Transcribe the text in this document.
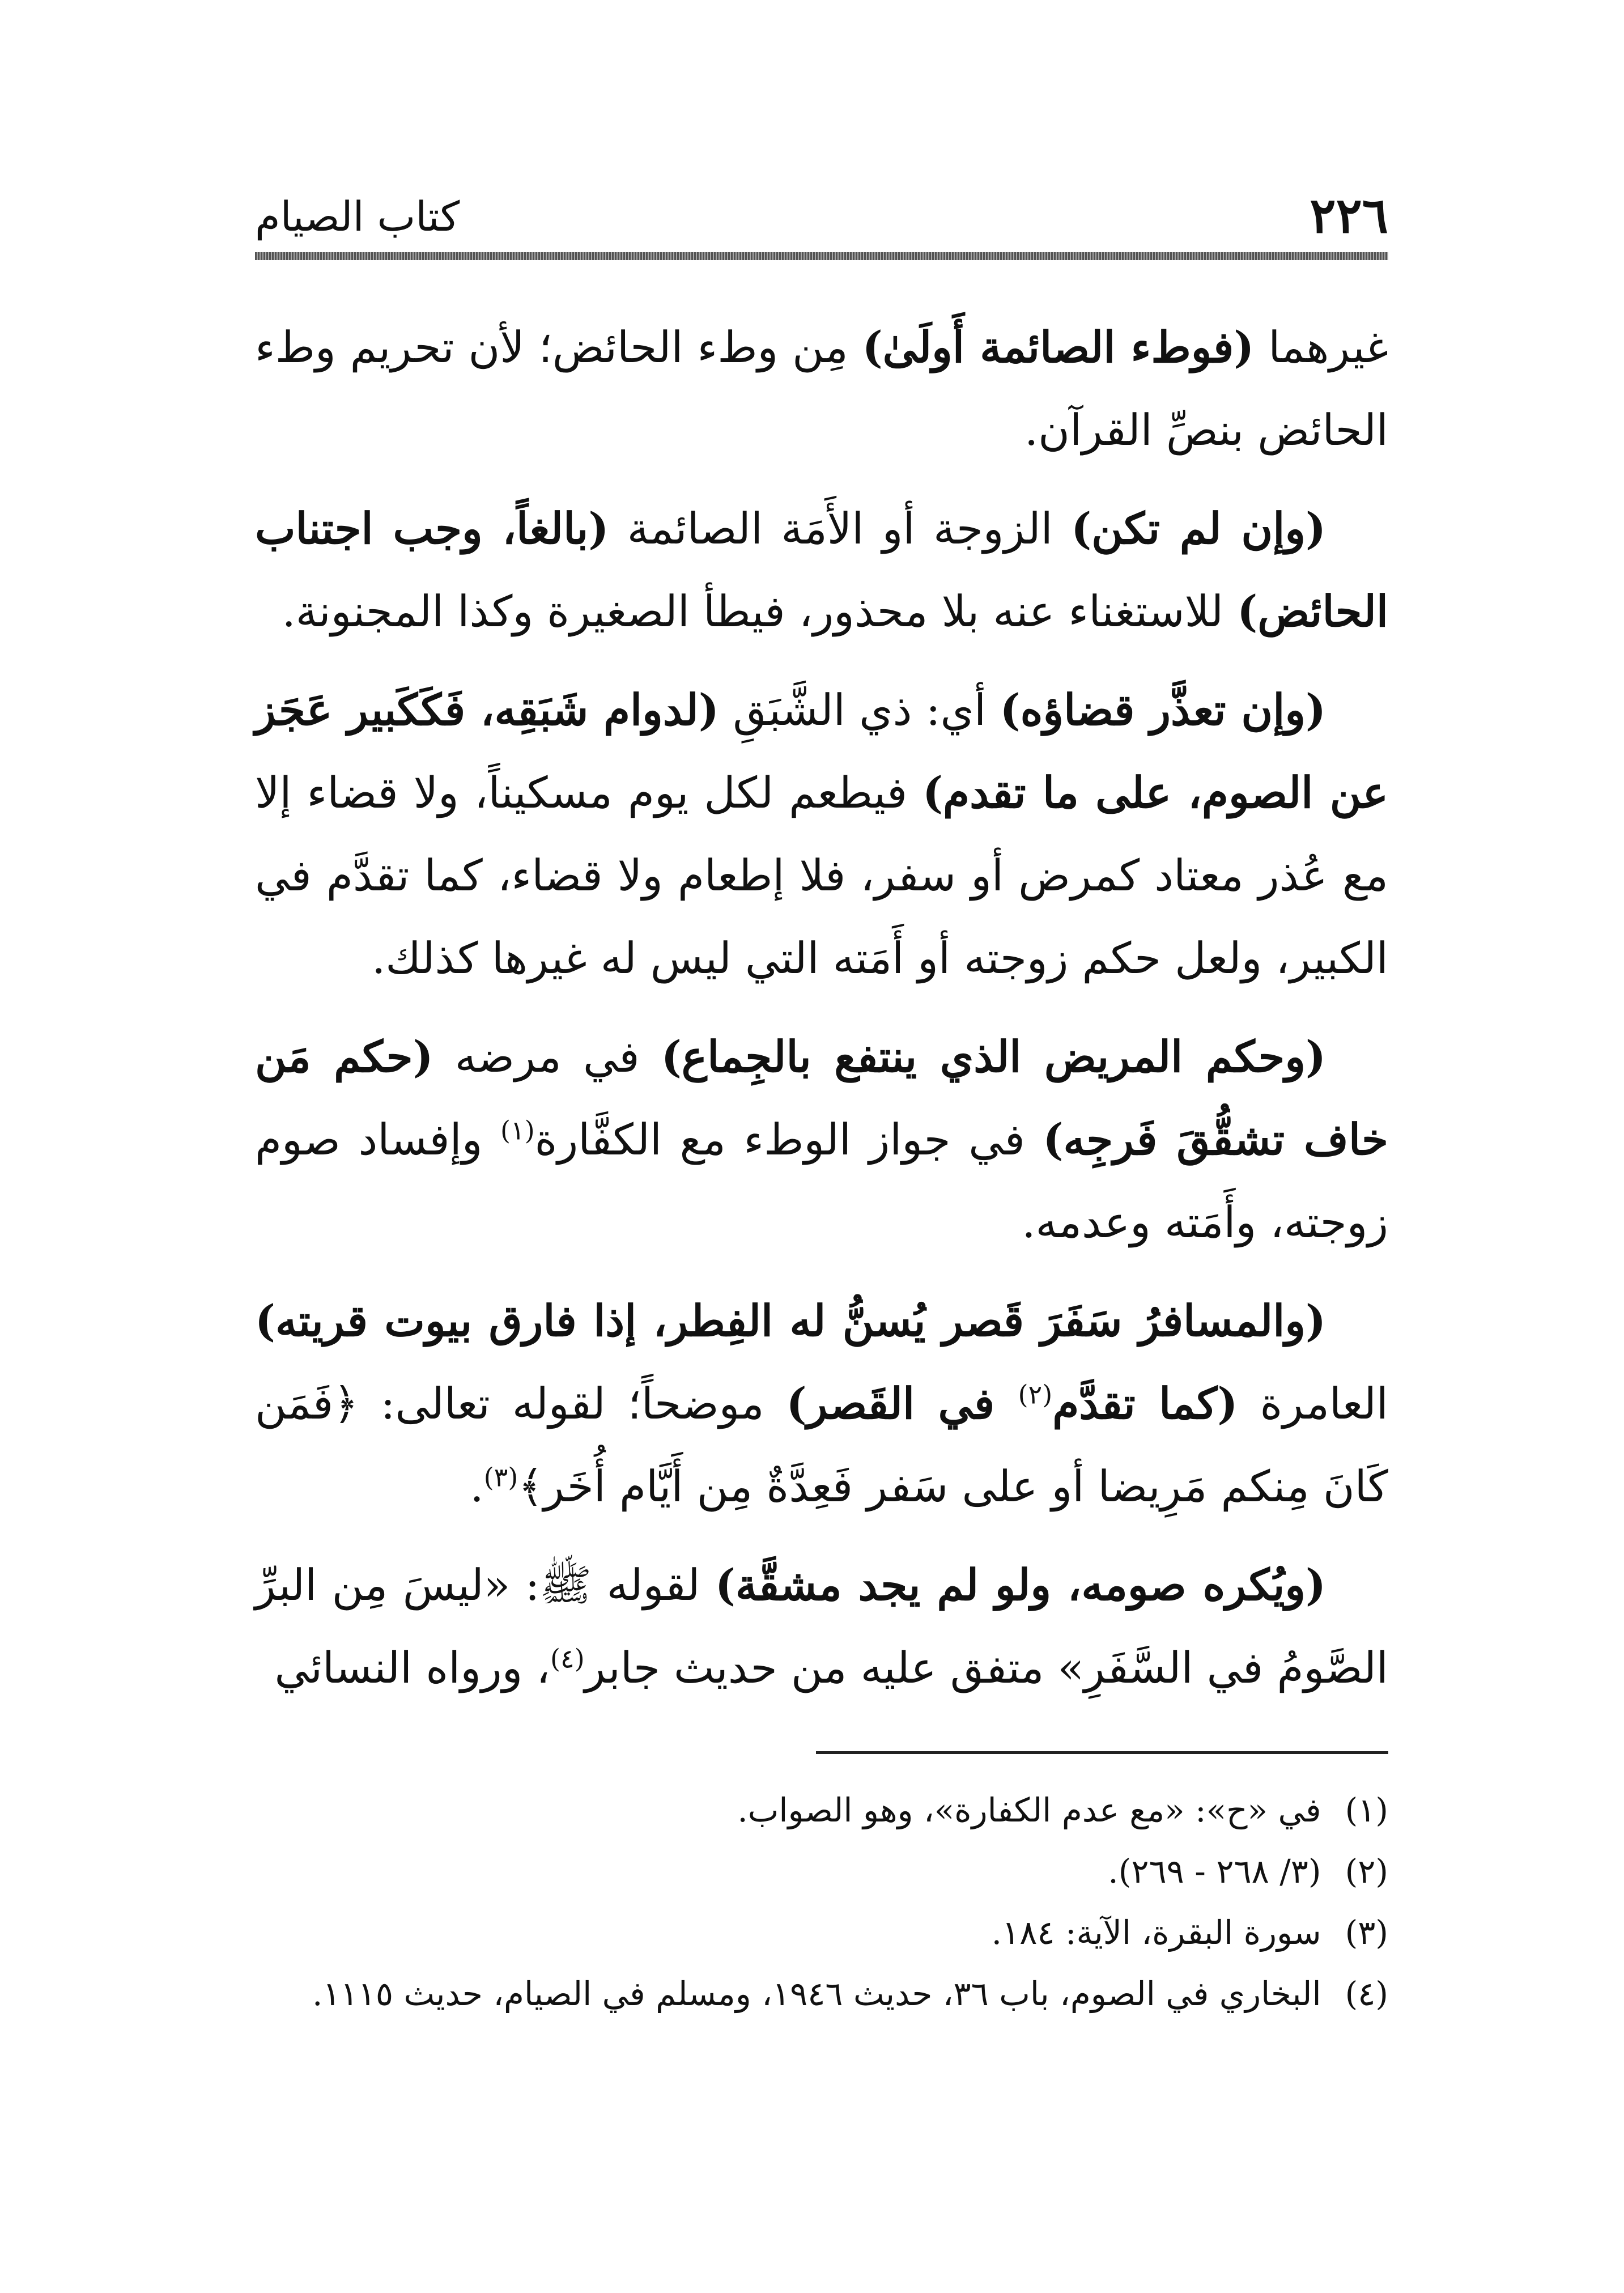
٢٢٦
كتاب الصيام

غيرهما (فوطء الصائمة أَولَىٰ) مِن وطء الحائض؛ لأن تحريم وطء الحائض بنصِّ القرآن.

(وإن لم تكن) الزوجة أو الأَمَة الصائمة (بالغاً، وجب اجتناب الحائض) للاستغناء عنه بلا محذور، فيطأ الصغيرة وكذا المجنونة.

(وإن تعذَّر قضاؤه) أي: ذي الشَّبَقِ (لدوام شَبَقِه، فَكَكَبير عَجَز عن الصوم، على ما تقدم) فيطعم لكل يوم مسكيناً، ولا قضاء إلا مع عُذر معتاد كمرض أو سفر، فلا إطعام ولا قضاء، كما تقدَّم في الكبير، ولعل حكم زوجته أو أَمَته التي ليس له غيرها كذلك.

(وحكم المريض الذي ينتفع بالجِماع) في مرضه (حكم مَن خاف تشقُّقَ فَرجِه) في جواز الوطء مع الكفَّارة$^{(١)}$ وإفساد صوم زوجته، وأَمَته وعدمه.

(والمسافرُ سَفَرَ قَصر يُسنُّ له الفِطر، إذا فارق بيوت قريته) العامرة (كما تقدَّم$^{(٢)}$ في القَصر) موضحاً؛ لقوله تعالى: ﴿فَمَن كَانَ مِنكم مَرِيضا أو على سَفر فَعِدَّةٌ مِن أَيَّام أُخَر﴾$^{(٣)}$.

(ويُكره صومه، ولو لم يجد مشقَّة) لقوله ﷺ: «ليسَ مِن البرِّ الصَّومُ في السَّفَرِ» متفق عليه من حديث جابر$^{(٤)}$، ورواه النسائي

(١) في «ح»: «مع عدم الكفارة»، وهو الصواب.

(٢) (٣/ ٢٦٨ - ٢٦٩).

(٣) سورة البقرة، الآية: ١٨٤.

(٤) البخاري في الصوم، باب ٣٦، حديث ١٩٤٦، ومسلم في الصيام، حديث ١١١٥.
